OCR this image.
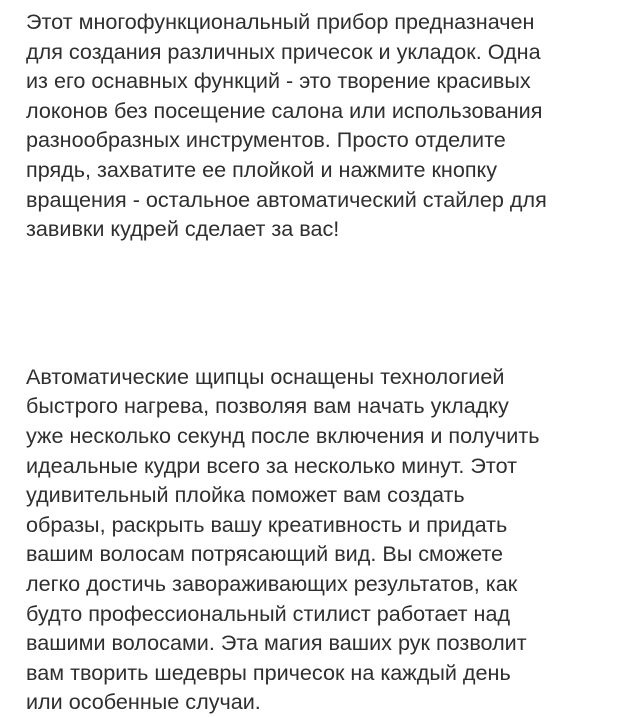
Этот многофункциональный прибор предназначен
для создания различных причесок и укладок. Одна
из его оснавных функций - это творение красивых
локонов без посещение салона или использования
разнообразных инструментов. Просто отделите
прядь, захватите ее плойкой и нажмите кнопку
вращения - остальное автоматический стайлер для
завивки кудрей сделает за вас!

Автоматические щипцы оснащены технологией
быстрого нагрева, позволяя вам начать укладку
уже несколько секунд после включения и получить
идеальные кудри всего за несколько минут. Этот
удивительный плойка поможет вам создать
образы, раскрыть вашу креативность и придать
вашим волосам потрясающий вид. Вы сможете
легко достичь завораживающих результатов, как
будто профессиональный стилист работает над
вашими волосами. Эта магия ваших рук позволит
вам творить шедевры причесок на каждый день
или особенные случаи.
